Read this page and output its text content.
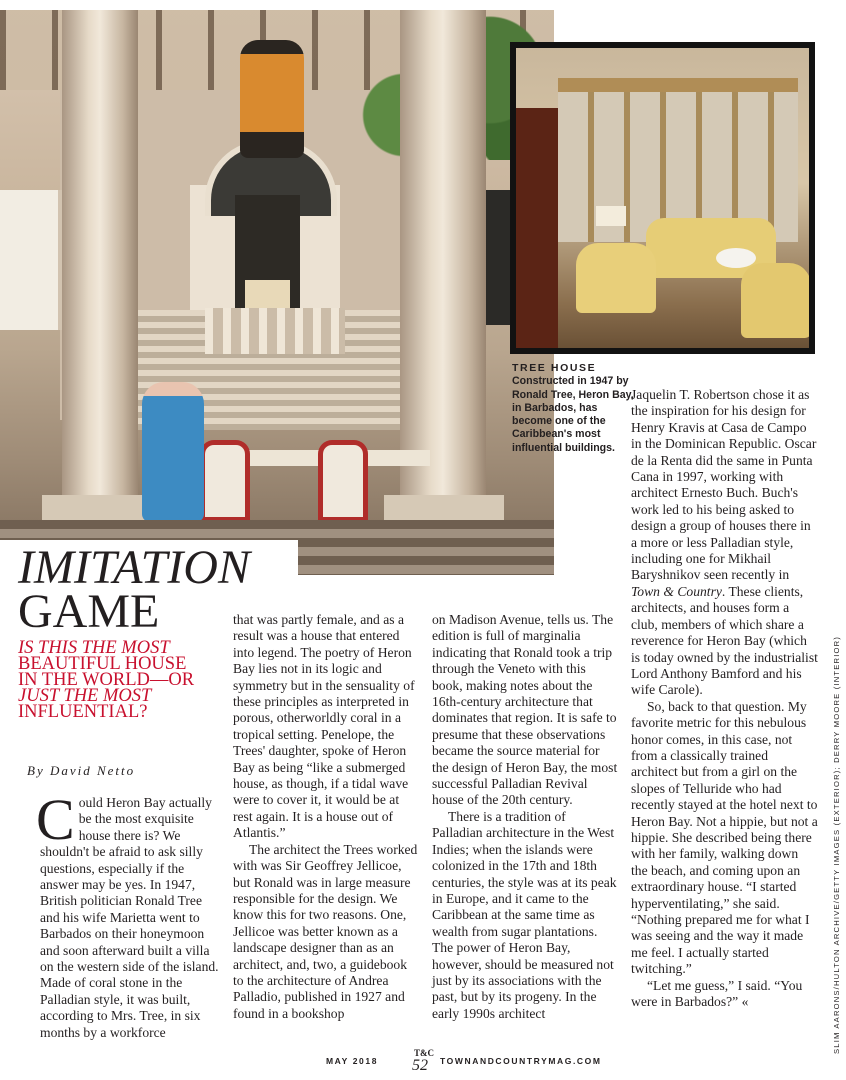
TREE HOUSE
Constructed in 1947 by Ronald Tree, Heron Bay, in Barbados, has become one of the Caribbean's most influential buildings.
IMITATION
GAME
IS THIS THE MOST BEAUTIFUL HOUSE IN THE WORLD—OR JUST THE MOST INFLUENTIAL?
By David Netto

Could Heron Bay actually be the most exquisite house there is? We shouldn't be afraid to ask silly questions, especially if the answer may be yes. In 1947, British politician Ronald Tree and his wife Marietta went to Barbados on their honeymoon and soon afterward built a villa on the western side of the island. Made of coral stone in the Palladian style, it was built, according to Mrs. Tree, in six months by a workforce

that was partly female, and as a result was a house that entered into legend. The poetry of Heron Bay lies not in its logic and symmetry but in the sensuality of these principles as interpreted in porous, otherworldly coral in a tropical setting. Penelope, the Trees' daughter, spoke of Heron Bay as being “like a submerged house, as though, if a tidal wave were to cover it, it would be at rest again. It is a house out of Atlantis.”

The architect the Trees worked with was Sir Geoffrey Jellicoe, but Ronald was in large measure responsible for the design. We know this for two reasons. One, Jellicoe was better known as a landscape designer than as an architect, and, two, a guidebook to the architecture of Andrea Palladio, published in 1927 and found in a bookshop

on Madison Avenue, tells us. The edition is full of marginalia indicating that Ronald took a trip through the Veneto with this book, making notes about the 16th-century architecture that dominates that region. It is safe to presume that these observations became the source material for the design of Heron Bay, the most successful Palladian Revival house of the 20th century.

There is a tradition of Palladian architecture in the West Indies; when the islands were colonized in the 17th and 18th centuries, the style was at its peak in Europe, and it came to the Caribbean at the same time as wealth from sugar plantations. The power of Heron Bay, however, should be measured not just by its associations with the past, but by its progeny. In the early 1990s architect

Jaquelin T. Robertson chose it as the inspiration for his design for Henry Kravis at Casa de Campo in the Dominican Republic. Oscar de la Renta did the same in Punta Cana in 1997, working with architect Ernesto Buch. Buch's work led to his being asked to design a group of houses there in a more or less Palladian style, including one for Mikhail Baryshnikov seen recently in Town & Country. These clients, architects, and houses form a club, members of which share a reverence for Heron Bay (which is today owned by the industrialist Lord Anthony Bamford and his wife Carole).

So, back to that question. My favorite metric for this nebulous honor comes, in this case, not from a classically trained architect but from a girl on the slopes of Telluride who had recently stayed at the hotel next to Heron Bay. Not a hippie, but not a hippie. She described being there with her family, walking down the beach, and coming upon an extraordinary house. “I started hyperventilating,” she said. “Nothing prepared me for what I was seeing and the way it made me feel. I actually started twitching.”

“Let me guess,” I said. “You were in Barbados?” «	SLIM AARONS/HULTON ARCHIVE/GETTY IMAGES (EXTERIOR); DERRY MOORE (INTERIOR)
MAY 2018
T&C
52 TOWNANDCOUNTRYMAG.COM
